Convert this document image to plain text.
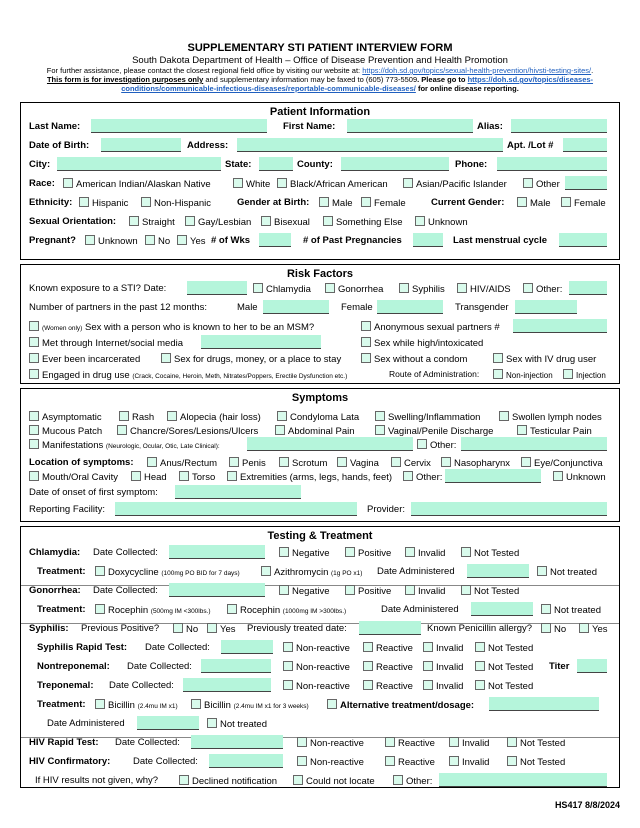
SUPPLEMENTARY STI PATIENT INTERVIEW FORM
South Dakota Department of Health – Office of Disease Prevention and Health Promotion
For further assistance, please contact the closest regional field office by visiting our website at: https://doh.sd.gov/topics/sexual-health-prevention/hivsti-testing-sites/.
This form is for investigation purposes only and supplementary information may be faxed to (605) 773-5509. Please go to https://doh.sd.gov/topics/diseases-conditions/communicable-infectious-diseases/reportable-communicable-diseases/ for online disease reporting.
Patient Information
Last Name:	First Name:	Alias:
Date of Birth:	Address:	Apt. /Lot #
City:	State:	County:	Phone:
Race:	American Indian/Alaskan Native	White	Black/African American	Asian/Pacific Islander	Other
Ethnicity:	Hispanic	Non-Hispanic	Gender at Birth:	Male	Female	Current Gender:	Male	Female
Sexual Orientation:	Straight	Gay/Lesbian	Bisexual	Something Else	Unknown
Pregnant?	Unknown	No	Yes # of Wks	# of Past Pregnancies	Last menstrual cycle
Risk Factors
Known exposure to a STI? Date:	Chlamydia	Gonorrhea	Syphilis	HIV/AIDS	Other:
Number of partners in the past 12 months:	Male	Female	Transgender
(Women only) Sex with a person who is known to her to be an MSM?	Anonymous sexual partners #
Met through Internet/social media	Sex while high/intoxicated
Ever been incarcerated	Sex for drugs, money, or a place to stay	Sex without a condom	Sex with IV drug user
Engaged in drug use (Crack, Cocaine, Heroin, Meth, Nitrates/Poppers, Erectile Dysfunction etc.)	Route of Administration:	Non-injection	Injection
Symptoms
Asymptomatic	Rash	Alopecia (hair loss)	Condyloma Lata	Swelling/Inflammation	Swollen lymph nodes
Mucous Patch	Chancre/Sores/Lesions/Ulcers	Abdominal Pain	Vaginal/Penile Discharge	Testicular Pain
Manifestations (Neurologic, Ocular, Otic, Late Clinical):	Other:
Location of symptoms:	Anus/Rectum	Penis	Scrotum	Vagina	Cervix	Nasopharynx	Eye/Conjunctiva
Mouth/Oral Cavity	Head	Torso	Extremities (arms, legs, hands, feet)	Other:	Unknown
Date of onset of first symptom:
Reporting Facility:	Provider:
Testing & Treatment
Chlamydia: Date Collected:	Negative	Positive	Invalid	Not Tested
Treatment:	Doxycycline (100mg PO BID for 7 days)	Azithromycin (1g PO x1) Date Administered	Not treated
Gonorrhea: Date Collected:	Negative	Positive	Invalid	Not Tested
Treatment:	Rocephin (500mg IM <300lbs.)	Rocephin (1000mg IM >300lbs.)	Date Administered	Not treated
Syphilis: Previous Positive?	No	Yes Previously treated date:	Known Penicillin allergy?	No	Yes
Syphilis Rapid Test: Date Collected:	Non-reactive	Reactive	Invalid	Not Tested
Nontreponemal: Date Collected:	Non-reactive	Reactive	Invalid	Not Tested Titer
Treponemal: Date Collected:	Non-reactive	Reactive	Invalid	Not Tested
Treatment:	Bicillin (2.4mu IM x1)	Bicillin (2.4mu IM x1 for 3 weeks)	Alternative treatment/dosage:
Date Administered	Not treated
HIV Rapid Test: Date Collected:	Non-reactive	Reactive	Invalid	Not Tested
HIV Confirmatory: Date Collected:	Non-reactive	Reactive	Invalid	Not Tested
If HIV results not given, why?	Declined notification	Could not locate	Other:
HS417 8/8/2024
